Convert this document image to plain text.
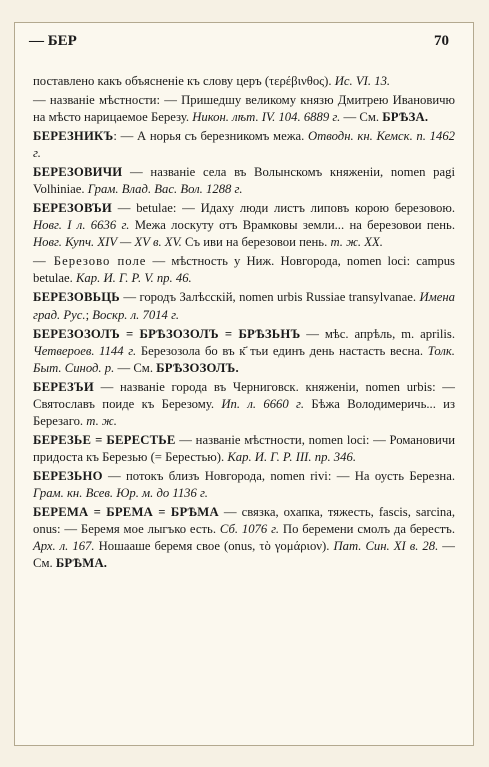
— БЕР	70

поставлено какъ объясненіе къ слову церъ (τερέβινθος). Ис. VI. 13.

— названіе мѣстности: — Пришедшу великому князю Дмитрею Ивановичю на мѣсто нарицаемое Березу. Никон. лѣт. IV. 104. 6889 г. — См. БРѢЗА.

БЕРЕЗНИКЪ: — А норья съ березникомъ межа. Отводн. кн. Кемск. п. 1462 г.

БЕРЕЗОВИЧИ — названіе села въ Волынскомъ княженіи, nomen pagi Volhiniae. Грам. Влад. Вас. Вол. 1288 г.

БЕРЕЗОВЪИ — betulae: — Идаху люди листъ липовъ корою березовою. Новг. I л. 6636 г. Межа лоскуту отъ Врамковы земли... на березовои пень. Новг. Купч. XIV — XV в. XV. Съ иви на березовои пень. т. ж. XX.

— Березово поле — мѣстность у Ниж. Новгорода, nomen loci: campus betulae. Кар. И. Г. Р. V. пр. 46.

БЕРЕЗОВЬЦЬ — городъ Залѣсскій, nomen urbis Russiae transylvanae. Имена град. Рус.; Воскр. л. 7014 г.

БЕРЕЗОЗОЛЪ = БРѢЗОЗОЛЪ = БРѢЗЬНЪ — мѣс. апрѣль, m. aprilis. Четвероев. 1144 г. Березозола бо въ к҃ тьи единъ день настасть весна. Толк. Быт. Синод. р. — См. БРѢЗОЗОЛЪ.

БЕРЕЗЪИ — названіе города въ Черниговск. княженіи, nomen urbis: — Святославъ поиде къ Березому. Ип. л. 6660 г. Бѣжа Володимеричь... из Березаго. т. ж.

БЕРЕЗЬЕ = БЕРЕСТЬЕ — названіе мѣстности, nomen loci: — Романовичи придоста къ Березью (= Берестью). Кар. И. Г. Р. III. пр. 346.

БЕРЕЗЬНО — потокъ близъ Новгорода, nomen rivi: — На оусть Березна. Грам. кн. Всев. Юр. м. до 1136 г.

БЕРЕМА = БРЕМА = БРѢМА — связка, охапка, тяжесть, fascis, sarcina, onus: — Беремя мое лыгъко есть. Сб. 1076 г. По беремени смолъ да берестъ. Арх. л. 167. Ношааше беремя свое (onus, τὸ γομάριον). Пат. Син. XI в. 28. — См. БРѢМА.
